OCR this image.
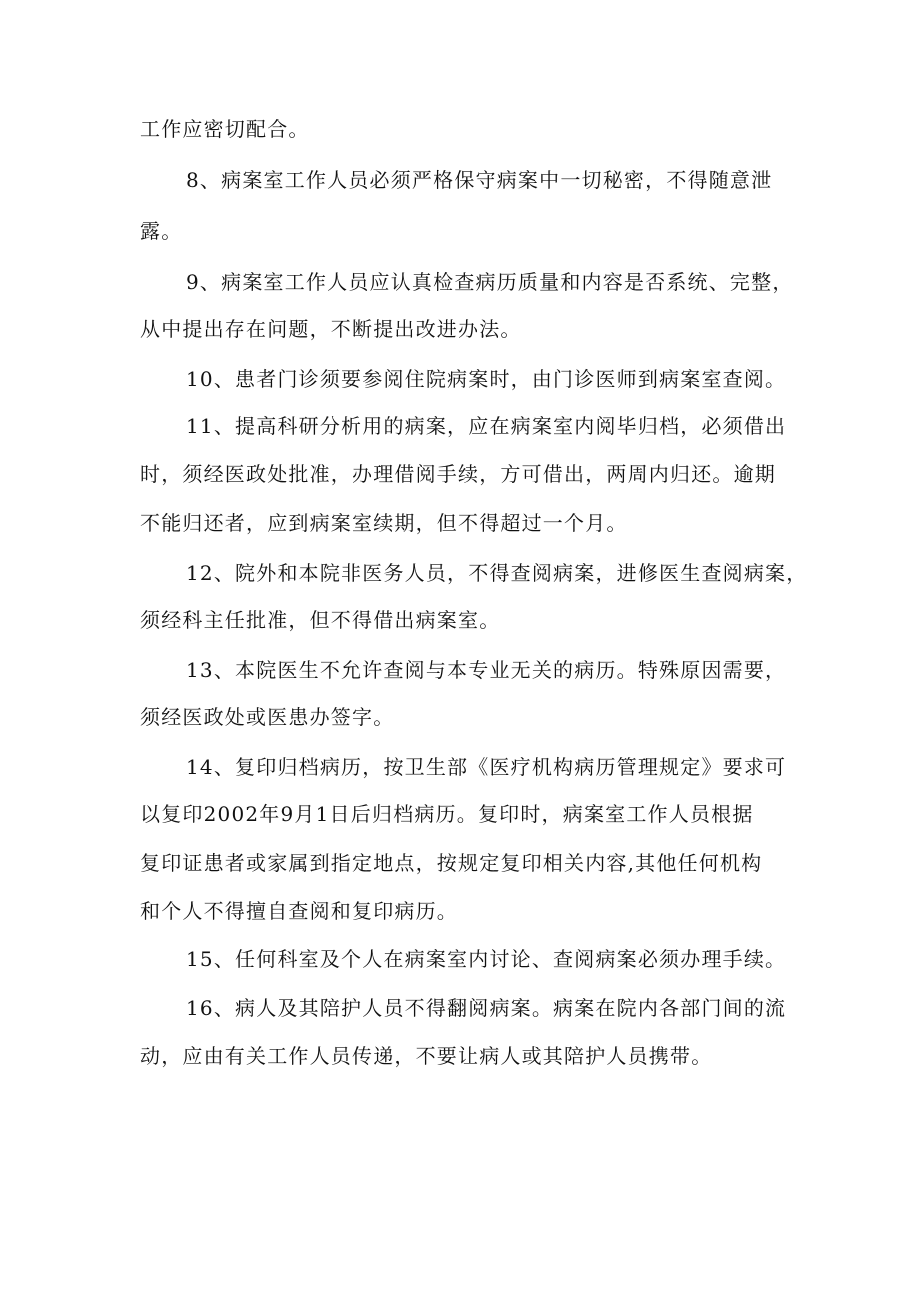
工作应密切配合。
8、病案室工作人员必须严格保守病案中一切秘密，不得随意泄
露。
9、病案室工作人员应认真检查病历质量和内容是否系统、完整，
从中提出存在问题，不断提出改进办法。
10、患者门诊须要参阅住院病案时，由门诊医师到病案室查阅。
11、提高科研分析用的病案，应在病案室内阅毕归档，必须借出
时，须经医政处批准，办理借阅手续，方可借出，两周内归还。逾期
不能归还者，应到病案室续期，但不得超过一个月。
12、院外和本院非医务人员，不得查阅病案，进修医生查阅病案，
须经科主任批准，但不得借出病案室。
13、本院医生不允许查阅与本专业无关的病历。特殊原因需要，
须经医政处或医患办签字。
14、复印归档病历，按卫生部《医疗机构病历管理规定》要求可
以复印2002年9月1日后归档病历。复印时，病案室工作人员根据
复印证患者或家属到指定地点，按规定复印相关内容,其他任何机构
和个人不得擅自查阅和复印病历。
15、任何科室及个人在病案室内讨论、查阅病案必须办理手续。
16、病人及其陪护人员不得翻阅病案。病案在院内各部门间的流
动，应由有关工作人员传递，不要让病人或其陪护人员携带。
